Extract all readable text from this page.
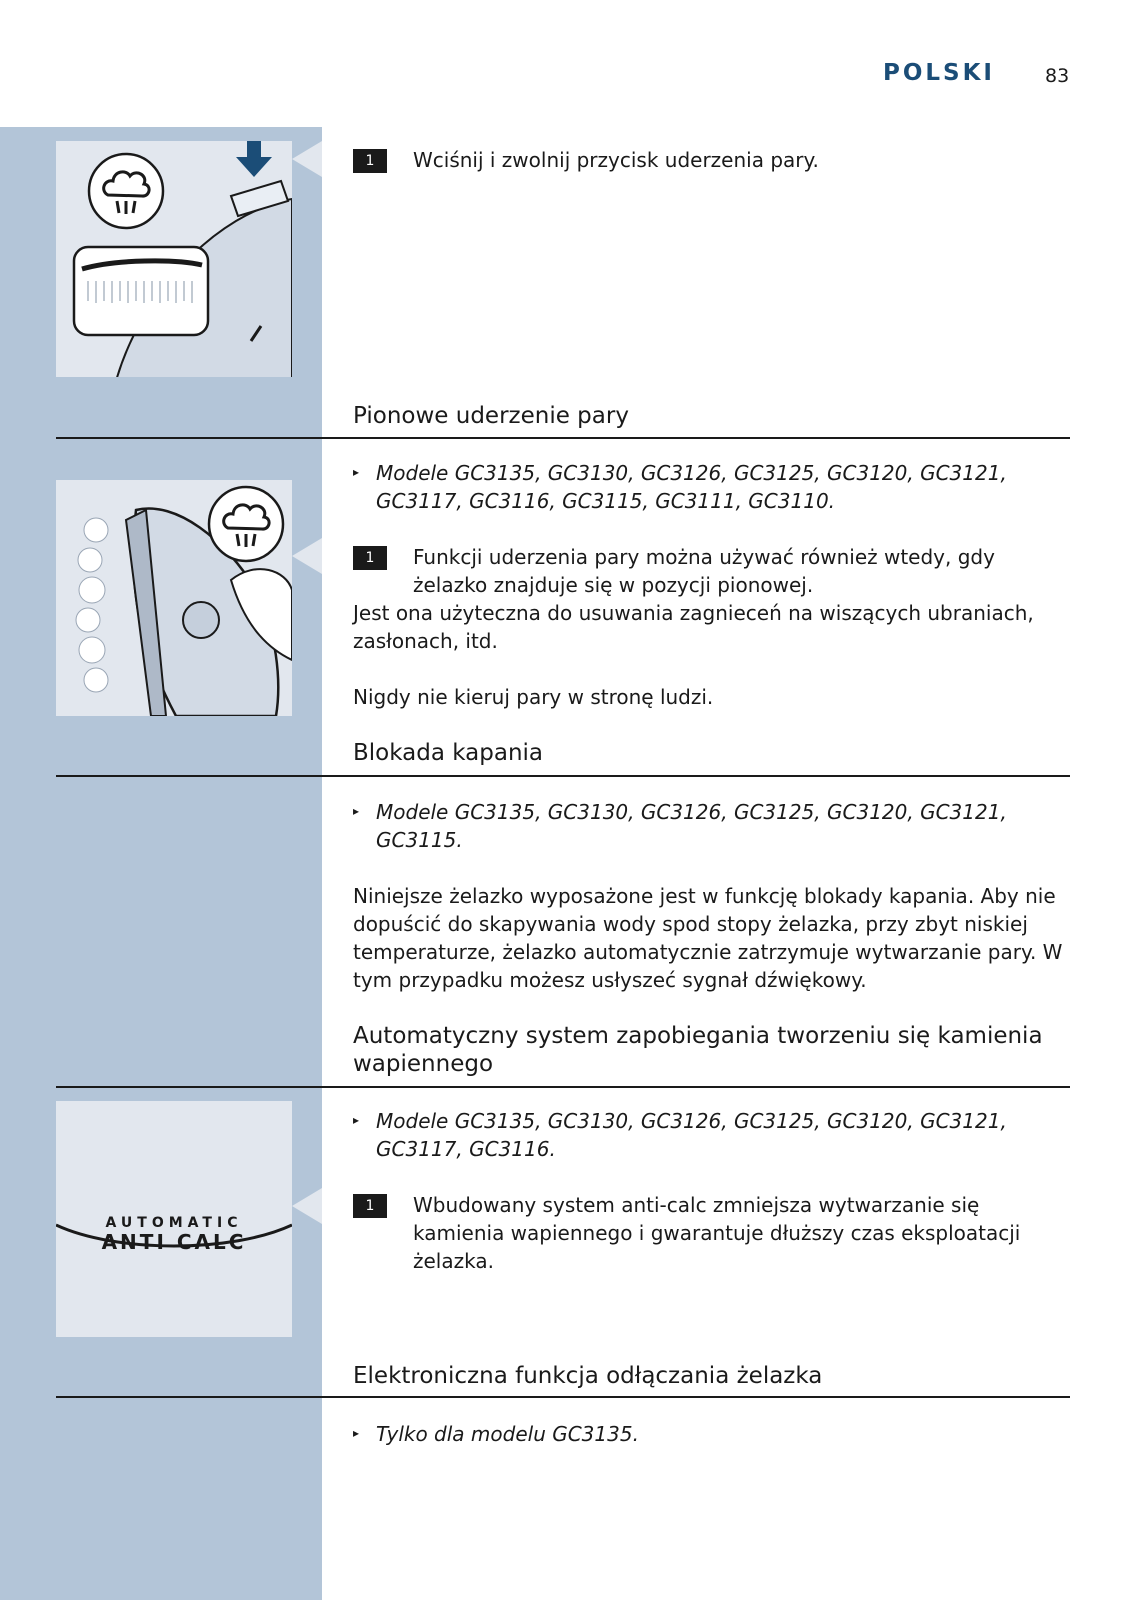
POLSKI	83
1	Wciśnij i zwolnij przycisk uderzenia pary.
Pionowe uderzenie pary
▸ Modele GC3135, GC3130, GC3126, GC3125, GC3120, GC3121, GC3117, GC3116, GC3115, GC3111, GC3110.
1	Funkcji uderzenia pary można używać również wtedy, gdy żelazko znajduje się w pozycji pionowej.
Jest ona użyteczna do usuwania zagnieceń na wiszących ubraniach, zasłonach, itd.
Nigdy nie kieruj pary w stronę ludzi.
Blokada kapania
▸ Modele GC3135, GC3130, GC3126, GC3125, GC3120, GC3121, GC3115.
Niniejsze żelazko wyposażone jest w funkcję blokady kapania. Aby nie dopuścić do skapywania wody spod stopy żelazka, przy zbyt niskiej temperaturze, żelazko automatycznie zatrzymuje wytwarzanie pary. W tym przypadku możesz usłyszeć sygnał dźwiękowy.
Automatyczny system zapobiegania tworzeniu się kamienia wapiennego
AUTOMATIC
ANTI CALC
▸ Modele GC3135, GC3130, GC3126, GC3125, GC3120, GC3121, GC3117, GC3116.
1	Wbudowany system anti-calc zmniejsza wytwarzanie się kamienia wapiennego i gwarantuje dłuższy czas eksploatacji żelazka.
Elektroniczna funkcja odłączania żelazka
▸ Tylko dla modelu GC3135.
